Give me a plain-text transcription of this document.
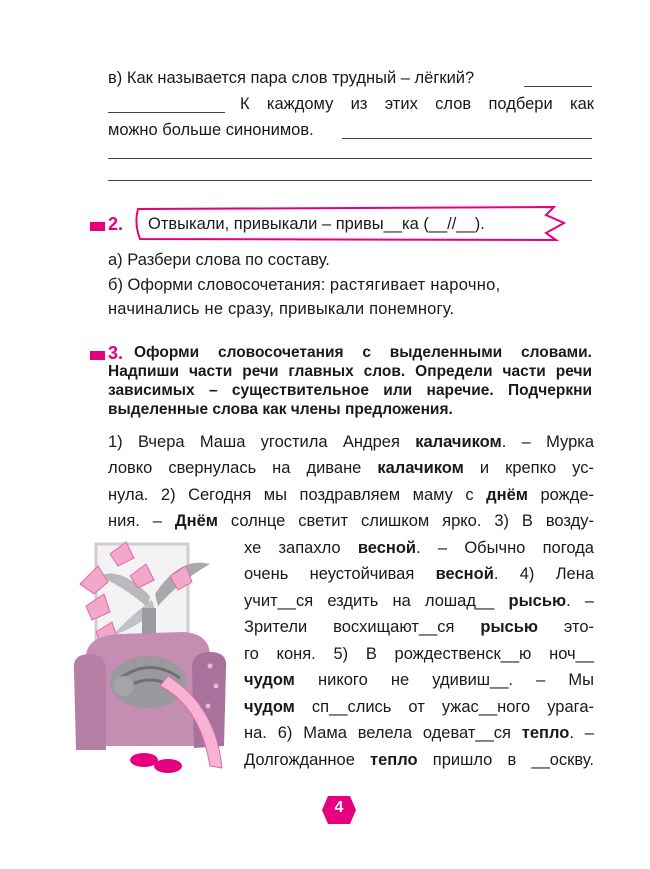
в) Как называется пара слов трудный – лёгкий?
К каждому из этих слов подбери как
можно больше синонимов.
2. Отвыкали, привыкали – привы__ка (__//__).
а) Разбери слова по составу.
б) Оформи словосочетания: растягивает нарочно,
начинались не сразу, привыкали понемногу.
3. Оформи словосочетания с выделенными словами.
Надпиши части речи главных слов. Определи части речи
зависимых – существительное или наречие. Подчеркни
выделенные слова как члены предложения.
1) Вчера Маша угостила Андрея калачиком. – Мурка
ловко свернулась на диване калачиком и крепко ус-
нула. 2) Сегодня мы поздравляем маму с днём рожде-
ния. – Днём солнце светит слишком ярко. 3) В возду-
хе запахло весной. – Обычно погода
очень неустойчивая весной. 4) Лена
учит__ся ездить на лошад__ рысью. –
Зрители восхищают__ся рысью это-
го коня. 5) В рождественск__ю ноч__
чудом никого не удивиш__. – Мы
чудом сп__слись от ужас__ного урага-
на. 6) Мама велела одеват__ся тепло. –
Долгожданное тепло пришло в __оскву.
4
